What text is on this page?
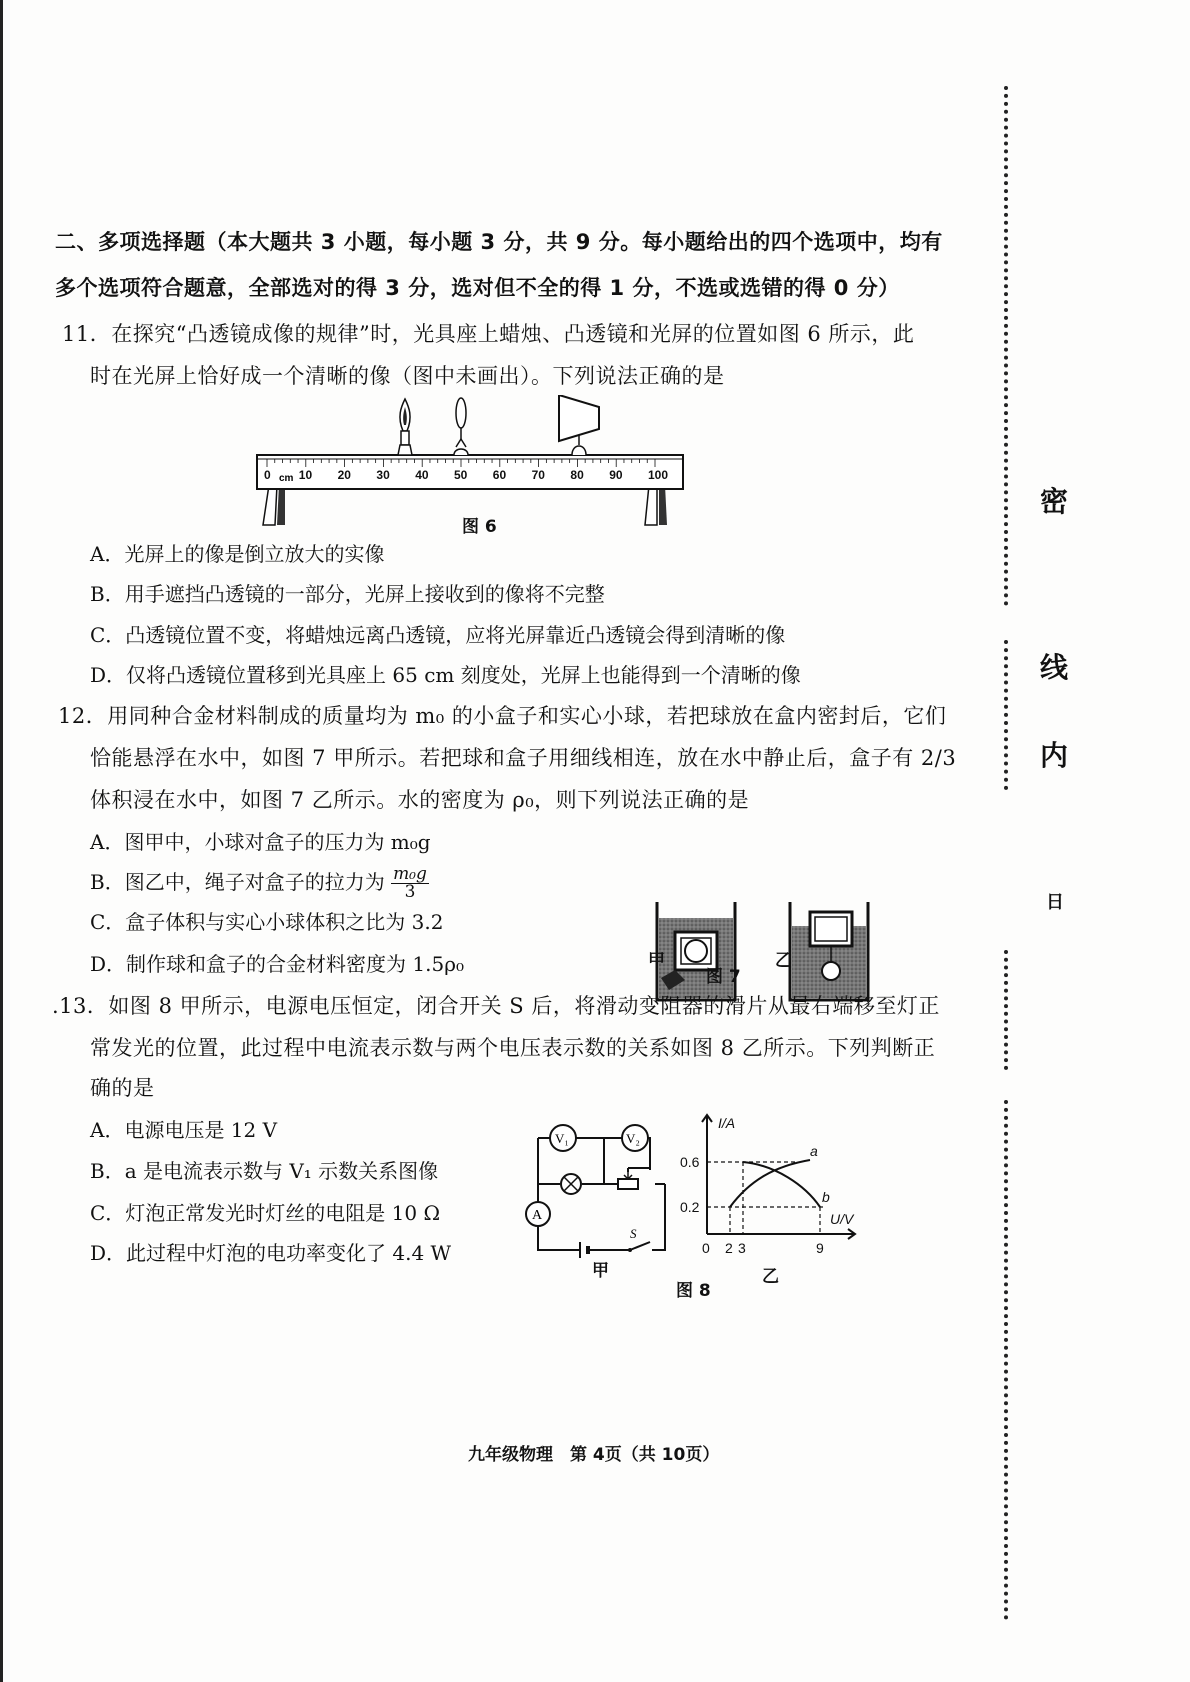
二、多项选择题（本大题共 3 小题，每小题 3 分，共 9 分。每小题给出的四个选项中，均有
多个选项符合题意，全部选对的得 3 分，选对但不全的得 1 分，不选或选错的得 0 分）
11．在探究“凸透镜成像的规律”时，光具座上蜡烛、凸透镜和光屏的位置如图 6 所示，此
时在光屏上恰好成一个清晰的像（图中未画出）。下列说法正确的是
0 10 20 30 40 50 60 70 80 90 100
cm
图 6
A．光屏上的像是倒立放大的实像
B．用手遮挡凸透镜的一部分，光屏上接收到的像将不完整
C．凸透镜位置不变，将蜡烛远离凸透镜，应将光屏靠近凸透镜会得到清晰的像
D．仅将凸透镜位置移到光具座上 65 cm 刻度处，光屏上也能得到一个清晰的像
12．用同种合金材料制成的质量均为 m₀ 的小盒子和实心小球，若把球放在盒内密封后，它们
恰能悬浮在水中，如图 7 甲所示。若把球和盒子用细线相连，放在水中静止后，盒子有 2/3
体积浸在水中，如图 7 乙所示。水的密度为 ρ₀，则下列说法正确的是
A．图甲中，小球对盒子的压力为 m₀g
B．图乙中，绳子对盒子的拉力为 $\frac{\text{m₀g}}{3}$
C．盒子体积与实心小球体积之比为 3.2
D．制作球和盒子的合金材料密度为 1.5ρ₀	甲	乙
图 7
.13．如图 8 甲所示，电源电压恒定，闭合开关 S 后，将滑动变阻器的滑片从最右端移至灯正
常发光的位置，此过程中电流表示数与两个电压表示数的关系如图 8 乙所示。下列判断正
确的是
A．电源电压是 12 V
B．a 是电流表示数与 V₁ 示数关系图像
C．灯泡正常发光时灯丝的电阻是 10 Ω
D．此过程中灯泡的电功率变化了 4.4 W
V₁	V₂
A
S
甲
I/A
U/V
0.6
0.2
0 2 3	9
a
b
乙
图 8
九年级物理　第 4页（共 10页）
密
线
内
日
